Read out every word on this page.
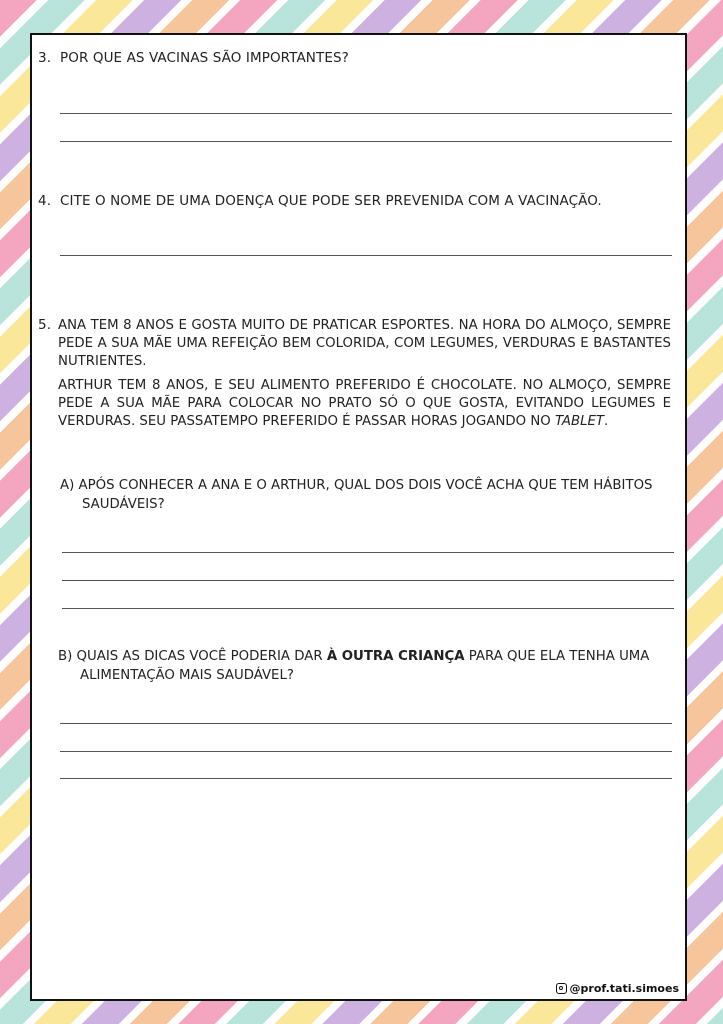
3. POR QUE AS VACINAS SÃO IMPORTANTES?
4. CITE O NOME DE UMA DOENÇA QUE PODE SER PREVENIDA COM A VACINAÇÃO.
5. ANA TEM 8 ANOS E GOSTA MUITO DE PRATICAR ESPORTES. NA HORA DO ALMOÇO, SEMPRE PEDE A SUA MÃE UMA REFEIÇÃO BEM COLORIDA, COM LEGUMES, VERDURAS E BASTANTES NUTRIENTES.
ARTHUR TEM 8 ANOS, E SEU ALIMENTO PREFERIDO É CHOCOLATE. NO ALMOÇO, SEMPRE PEDE A SUA MÃE PARA COLOCAR NO PRATO SÓ O QUE GOSTA, EVITANDO LEGUMES E VERDURAS. SEU PASSATEMPO PREFERIDO É PASSAR HORAS JOGANDO NO TABLET.
A) APÓS CONHECER A ANA E O ARTHUR, QUAL DOS DOIS VOCÊ ACHA QUE TEM HÁBITOS SAUDÁVEIS?
B) QUAIS AS DICAS VOCÊ PODERIA DAR À OUTRA CRIANÇA PARA QUE ELA TENHA UMA ALIMENTAÇÃO MAIS SAUDÁVEL?
@prof.tati.simoes
